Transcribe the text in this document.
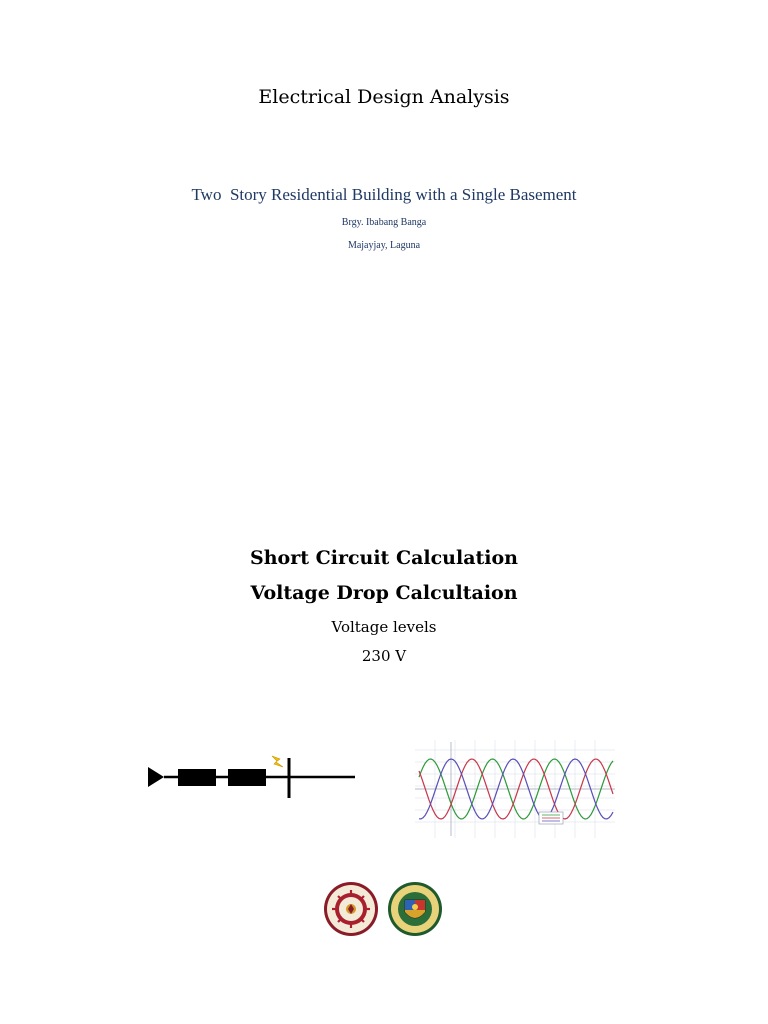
Electrical Design Analysis
Two  Story Residential Building with a Single Basement
Brgy. Ibabang Banga
Majayjay, Laguna
Short Circuit Calculation
Voltage Drop Calcultaion
Voltage levels
230 V
